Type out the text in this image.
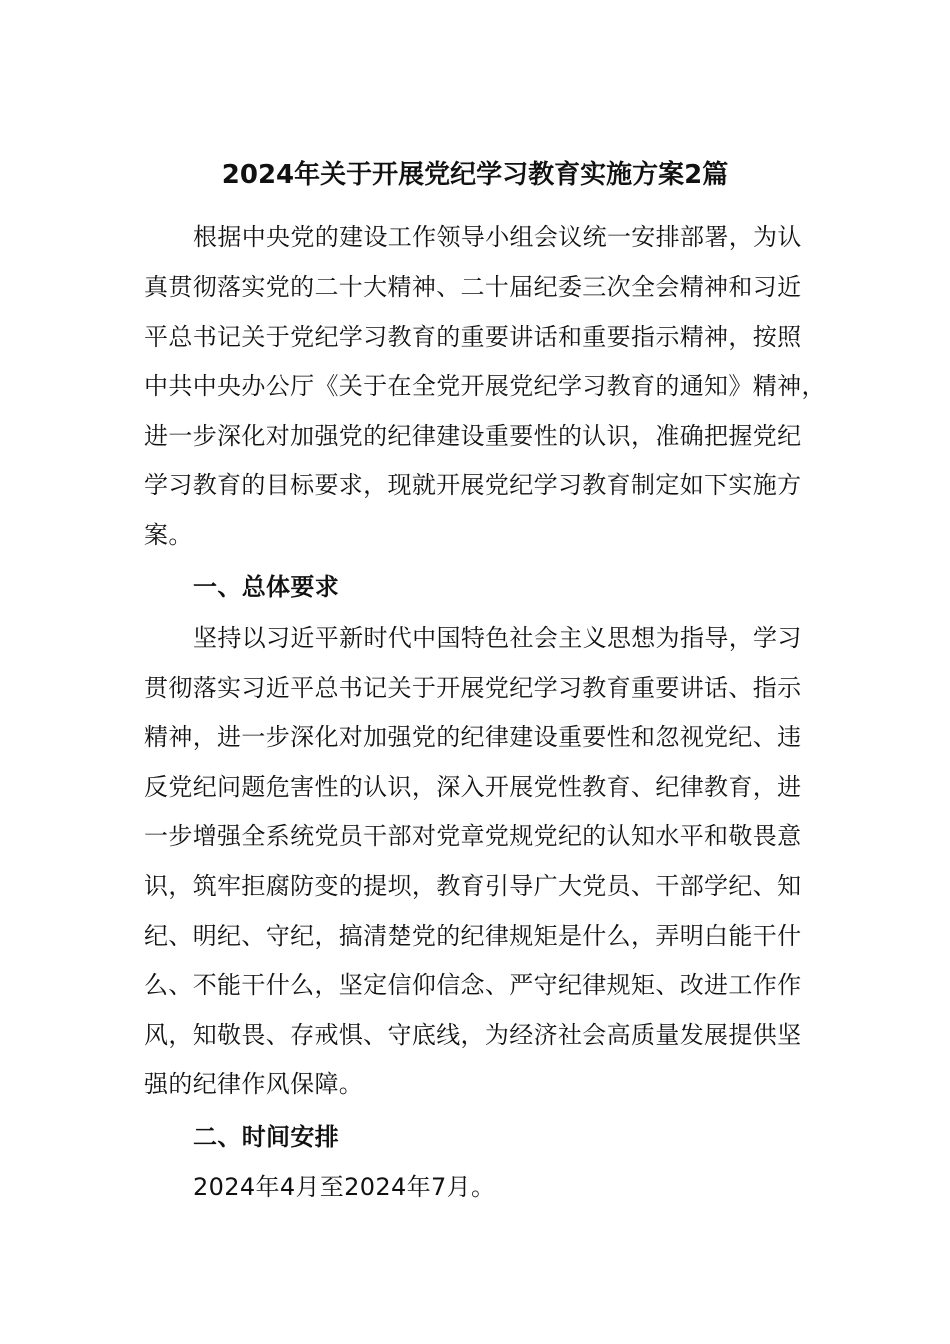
2024年关于开展党纪学习教育实施方案2篇
根据中央党的建设工作领导小组会议统一安排部署，为认
真贯彻落实党的二十大精神、二十届纪委三次全会精神和习近
平总书记关于党纪学习教育的重要讲话和重要指示精神，按照
中共中央办公厅《关于在全党开展党纪学习教育的通知》精神，
进一步深化对加强党的纪律建设重要性的认识，准确把握党纪
学习教育的目标要求，现就开展党纪学习教育制定如下实施方
案。
一、总体要求
坚持以习近平新时代中国特色社会主义思想为指导，学习
贯彻落实习近平总书记关于开展党纪学习教育重要讲话、指示
精神，进一步深化对加强党的纪律建设重要性和忽视党纪、违
反党纪问题危害性的认识，深入开展党性教育、纪律教育，进
一步增强全系统党员干部对党章党规党纪的认知水平和敬畏意
识，筑牢拒腐防变的提坝，教育引导广大党员、干部学纪、知
纪、明纪、守纪，搞清楚党的纪律规矩是什么，弄明白能干什
么、不能干什么，坚定信仰信念、严守纪律规矩、改进工作作
风，知敬畏、存戒惧、守底线，为经济社会高质量发展提供坚
强的纪律作风保障。
二、时间安排
2024年4月至2024年7月。
